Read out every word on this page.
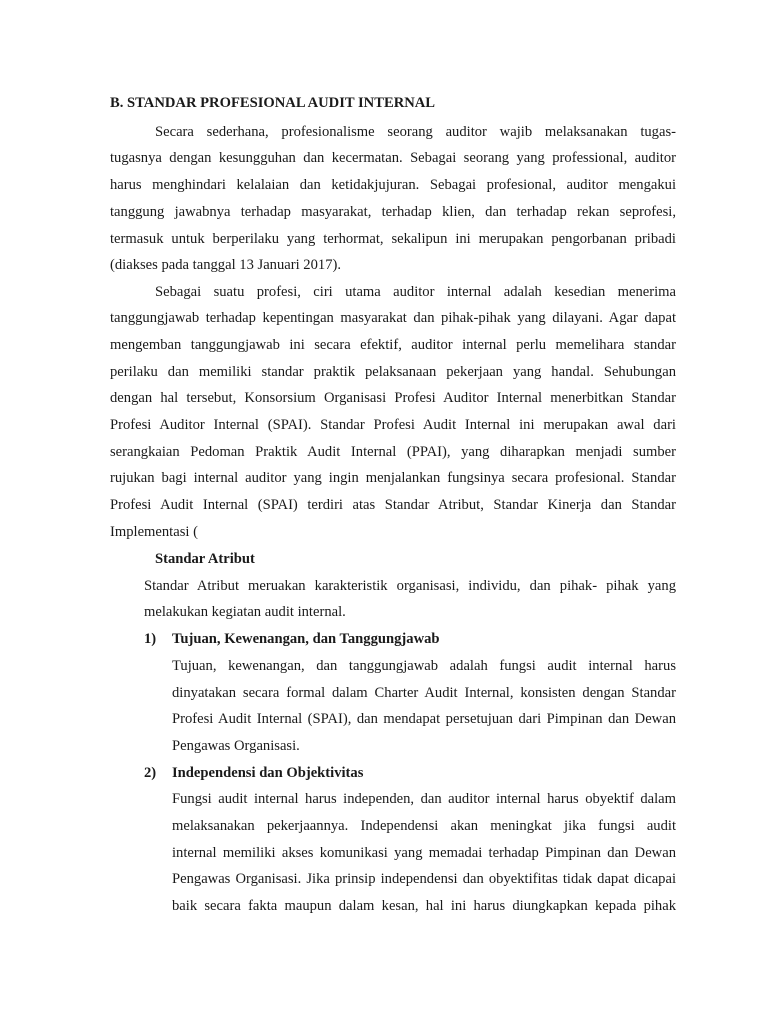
B. STANDAR PROFESIONAL AUDIT INTERNAL
Secara sederhana, profesionalisme seorang auditor wajib melaksanakan tugas-
tugasnya dengan kesungguhan dan kecermatan. Sebagai seorang yang professional, auditor
harus menghindari kelalaian dan ketidakjujuran. Sebagai profesional, auditor mengakui
tanggung jawabnya terhadap masyarakat, terhadap klien, dan terhadap rekan seprofesi,
termasuk untuk berperilaku yang terhormat, sekalipun ini merupakan pengorbanan pribadi
(diakses pada tanggal 13 Januari 2017).
Sebagai suatu profesi, ciri utama auditor internal adalah kesedian menerima
tanggungjawab terhadap kepentingan masyarakat dan pihak-pihak yang dilayani. Agar dapat
mengemban tanggungjawab ini secara efektif, auditor internal perlu memelihara standar
perilaku dan memiliki standar praktik pelaksanaan pekerjaan yang handal. Sehubungan
dengan hal tersebut, Konsorsium Organisasi Profesi Auditor Internal menerbitkan Standar
Profesi Auditor Internal (SPAI). Standar Profesi Audit Internal ini merupakan awal dari
serangkaian Pedoman Praktik Audit Internal (PPAI), yang diharapkan menjadi sumber
rujukan bagi internal auditor yang ingin menjalankan fungsinya secara profesional. Standar
Profesi Audit Internal (SPAI) terdiri atas Standar Atribut, Standar Kinerja dan Standar
Implementasi (
Standar Atribut
Standar Atribut meruakan karakteristik organisasi, individu, dan pihak- pihak yang
melakukan kegiatan audit internal.
1) Tujuan, Kewenangan, dan Tanggungjawab
Tujuan, kewenangan, dan tanggungjawab adalah fungsi audit internal harus
dinyatakan secara formal dalam Charter Audit Internal, konsisten dengan Standar
Profesi Audit Internal (SPAI), dan mendapat persetujuan dari Pimpinan dan Dewan
Pengawas Organisasi.
2) Independensi dan Objektivitas
Fungsi audit internal harus independen, dan auditor internal harus obyektif dalam
melaksanakan pekerjaannya. Independensi akan meningkat jika fungsi audit
internal memiliki akses komunikasi yang memadai terhadap Pimpinan dan Dewan
Pengawas Organisasi. Jika prinsip independensi dan obyektifitas tidak dapat dicapai
baik secara fakta maupun dalam kesan, hal ini harus diungkapkan kepada pihak
